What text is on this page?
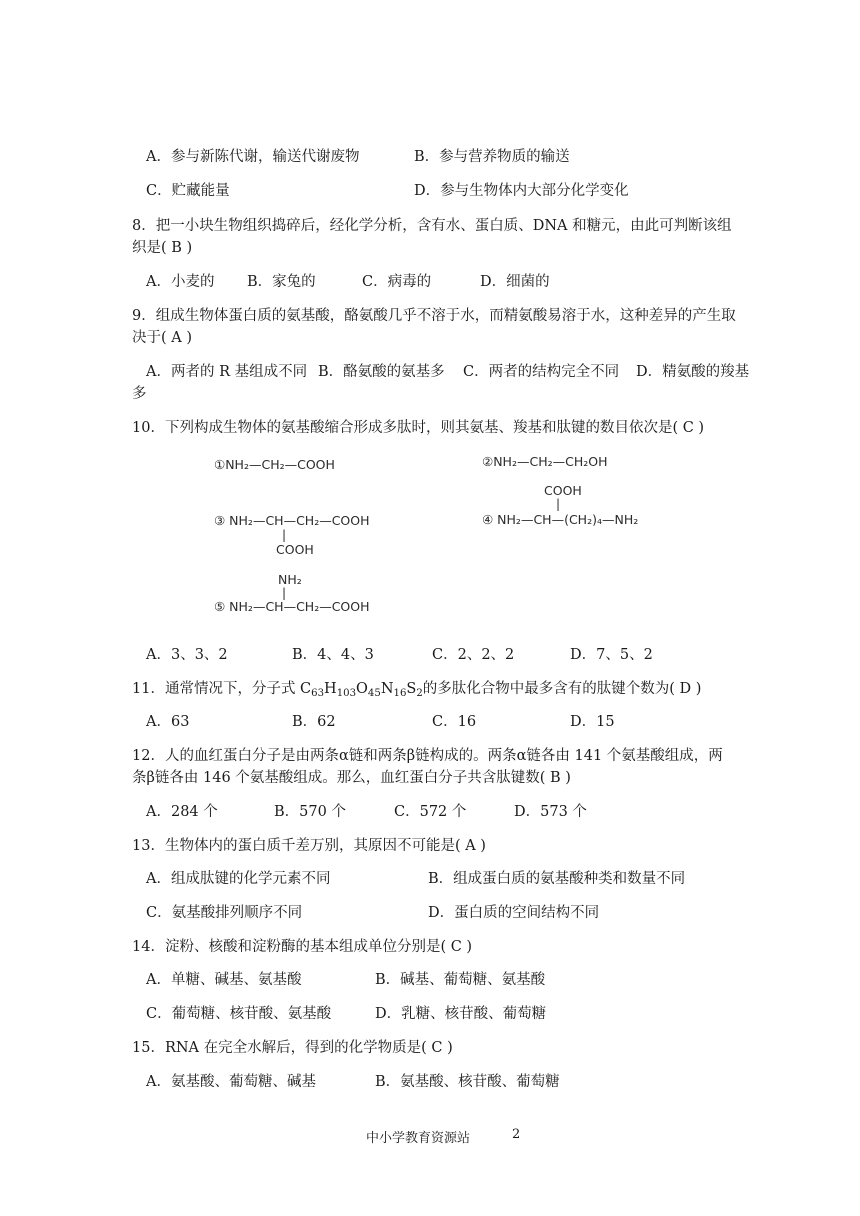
A．参与新陈代谢，输送代谢废物	B．参与营养物质的输送
C．贮藏能量	D．参与生物体内大部分化学变化
8．把一小块生物组织捣碎后，经化学分析，含有水、蛋白质、DNA 和糖元，由此可判断该组
织是( B )
A．小麦的 B．家兔的	C．病毒的	D．细菌的
9．组成生物体蛋白质的氨基酸，酪氨酸几乎不溶于水，而精氨酸易溶于水，这种差异的产生取
决于( A )
A．两者的 R 基组成不同 B．酪氨酸的氨基多 C．两者的结构完全不同 D．精氨酸的羧基
多
10．下列构成生物体的氨基酸缩合形成多肽时，则其氨基、羧基和肽键的数目依次是( C )
①NH₂—CH₂—COOH	②NH₂—CH₂—CH₂OH
COOH
|
④ NH₂—CH—(CH₂)₄—NH₂
③ NH₂—CH—CH₂—COOH
|
COOH
NH₂
|
⑤ NH₂—CH—CH₂—COOH
A．3、3、2	B．4、4、3	C．2、2、2	D．7、5、2
11．通常情况下，分子式 $C_{63}H_{103}O_{45}N_{16}S_2$的多肽化合物中最多含有的肽键个数为( D )
A．63	B．62	C．16	D．15
12．人的血红蛋白分子是由两条α链和两条β链构成的。两条α链各由 141 个氨基酸组成，两
条β链各由 146 个氨基酸组成。那么，血红蛋白分子共含肽键数( B )
A．284 个	B．570 个	C．572 个	D．573 个
13．生物体内的蛋白质千差万别，其原因不可能是( A )
A．组成肽键的化学元素不同	B．组成蛋白质的氨基酸种类和数量不同
C．氨基酸排列顺序不同	D．蛋白质的空间结构不同
14．淀粉、核酸和淀粉酶的基本组成单位分别是( C )
A．单糖、碱基、氨基酸	B．碱基、葡萄糖、氨基酸
C．葡萄糖、核苷酸、氨基酸	D．乳糖、核苷酸、葡萄糖
15．RNA 在完全水解后，得到的化学物质是( C )
A．氨基酸、葡萄糖、碱基	B．氨基酸、核苷酸、葡萄糖
中小学教育资源站	2
